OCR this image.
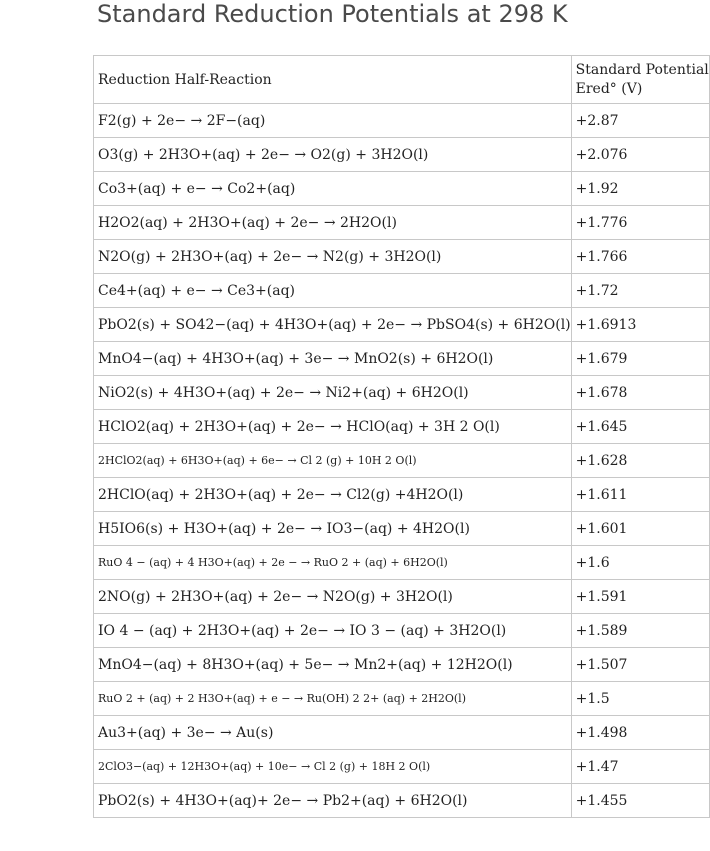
Standard Reduction Potentials at 298 K
Reduction Half-Reaction	Standard Potential
Ered° (V)

F2(g) + 2e− → 2F−(aq)	+2.87
O3(g) + 2H3O+(aq) + 2e− → O2(g) + 3H2O(l)	+2.076
Co3+(aq) + e− → Co2+(aq)	+1.92
H2O2(aq) + 2H3O+(aq) + 2e− → 2H2O(l)	+1.776
N2O(g) + 2H3O+(aq) + 2e− → N2(g) + 3H2O(l)	+1.766
Ce4+(aq) + e− → Ce3+(aq)	+1.72
PbO2(s) + SO42−(aq) + 4H3O+(aq) + 2e− → PbSO4(s) + 6H2O(l)	+1.6913
MnO4−(aq) + 4H3O+(aq) + 3e− → MnO2(s) + 6H2O(l)	+1.679
NiO2(s) + 4H3O+(aq) + 2e− → Ni2+(aq) + 6H2O(l)	+1.678
HClO2(aq) + 2H3O+(aq) + 2e− → HClO(aq) + 3H 2 O(l)	+1.645
2HClO2(aq) + 6H3O+(aq) + 6e− → Cl 2 (g) + 10H 2 O(l)	+1.628
2HClO(aq) + 2H3O+(aq) + 2e− → Cl2(g) +4H2O(l)	+1.611
H5IO6(s) + H3O+(aq) + 2e− → IO3−(aq) + 4H2O(l)	+1.601
RuO 4 − (aq) + 4 H3O+(aq) + 2e − → RuO 2 + (aq) + 6H2O(l)	+1.6
2NO(g) + 2H3O+(aq) + 2e− → N2O(g) + 3H2O(l)	+1.591
IO 4 − (aq) + 2H3O+(aq) + 2e− → IO 3 − (aq) + 3H2O(l)	+1.589
MnO4−(aq) + 8H3O+(aq) + 5e− → Mn2+(aq) + 12H2O(l)	+1.507
RuO 2 + (aq) + 2 H3O+(aq) + e − → Ru(OH) 2 2+ (aq) + 2H2O(l)	+1.5
Au3+(aq) + 3e− → Au(s)	+1.498
2ClO3−(aq) + 12H3O+(aq) + 10e− → Cl 2 (g) + 18H 2 O(l)	+1.47
PbO2(s) + 4H3O+(aq)+ 2e− → Pb2+(aq) + 6H2O(l)	+1.455
